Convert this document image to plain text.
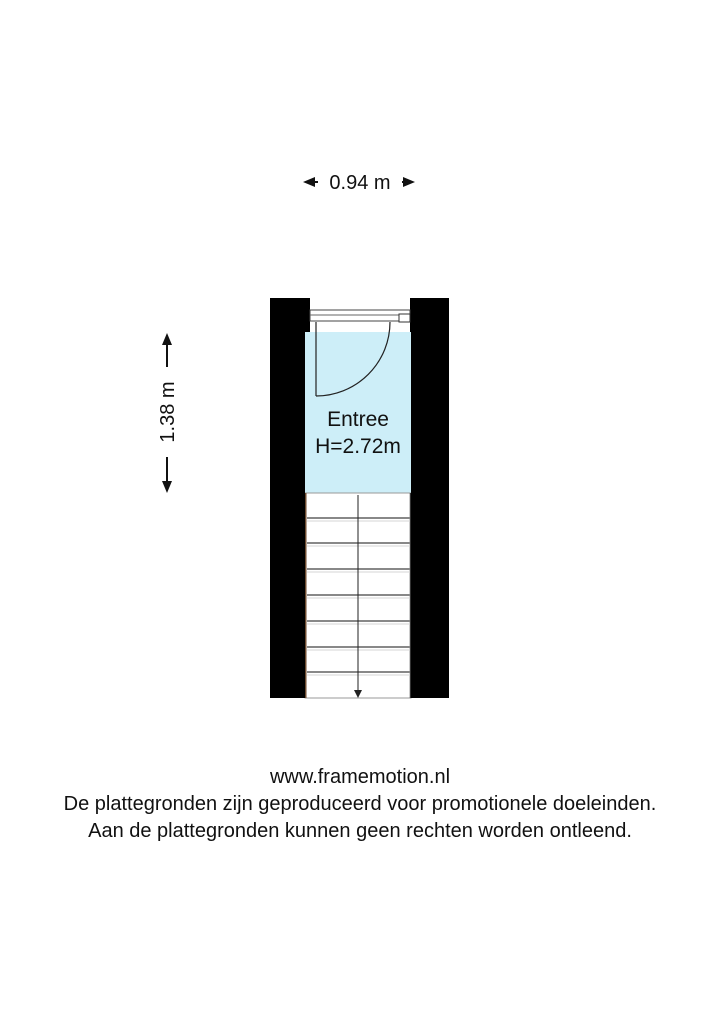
0.94 m
1.38 m	Entree
H=2.72m
www.framemotion.nl
De plattegronden zijn geproduceerd voor promotionele doeleinden.
Aan de plattegronden kunnen geen rechten worden ontleend.
